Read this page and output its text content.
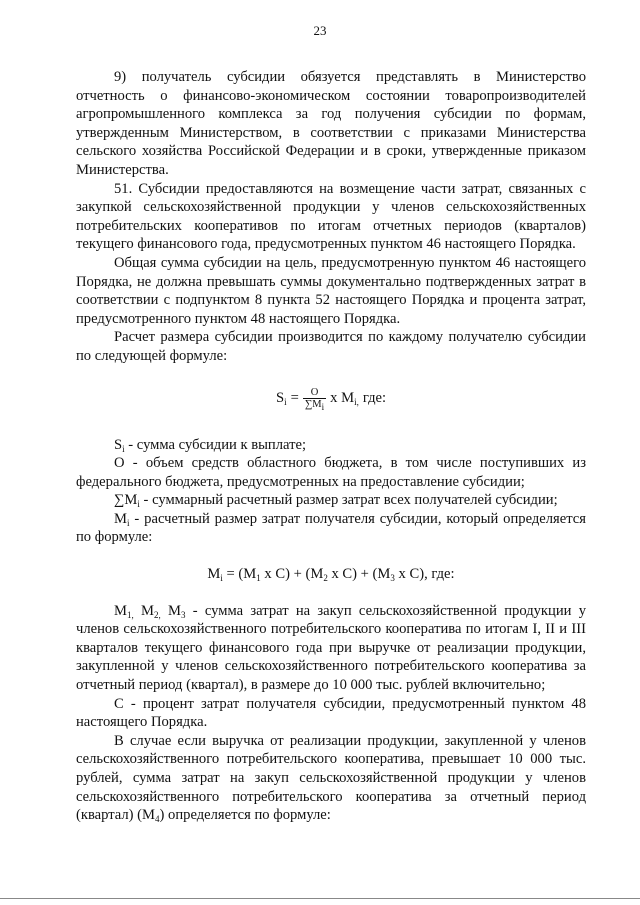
23

9) получатель субсидии обязуется представлять в Министерство отчетность о финансово-экономическом состоянии товаропроизводителей агропромышленного комплекса за год получения субсидии по формам, утвержденным Министерством, в соответствии с приказами Министерства сельского хозяйства Российской Федерации и в сроки, утвержденные приказом Министерства.

51. Субсидии предоставляются на возмещение части затрат, связанных с закупкой сельскохозяйственной продукции у членов сельскохозяйственных потребительских кооперативов по итогам отчетных периодов (кварталов) текущего финансового года, предусмотренных пунктом 46 настоящего Порядка.

Общая сумма субсидии на цель, предусмотренную пунктом 46 настоящего Порядка, не должна превышать суммы документально подтвержденных затрат в соответствии с подпунктом 8 пункта 52 настоящего Порядка и процента затрат, предусмотренного пунктом 48 настоящего Порядка.

Расчет размера субсидии производится по каждому получателю субсидии по следующей формуле:

$S_i = \frac{O}{\sum M_i}$ x $M_{i,}$ где:

$S_i$ - сумма субсидии к выплате;

O - объем средств областного бюджета, в том числе поступивших из федерального бюджета, предусмотренных на предоставление субсидии;

$\sum M_i$ - суммарный расчетный размер затрат всех получателей субсидии;

$M_i$ - расчетный размер затрат получателя субсидии, который определяется по формуле:

$M_i = (M_1$ x $C) + (M_2$ x $C) + (M_3$ x C), где:

$M_{1,}$ $M_{2,}$ $M_3$ - сумма затрат на закуп сельскохозяйственной продукции у членов сельскохозяйственного потребительского кооператива по итогам I, II и III кварталов текущего финансового года при выручке от реализации продукции, закупленной у членов сельскохозяйственного потребительского кооператива за отчетный период (квартал), в размере до 10 000 тыс. рублей включительно;

C - процент затрат получателя субсидии, предусмотренный пунктом 48 настоящего Порядка.

В случае если выручка от реализации продукции, закупленной у членов сельскохозяйственного потребительского кооператива, превышает 10 000 тыс. рублей, сумма затрат на закуп сельскохозяйственной продукции у членов сельскохозяйственного потребительского кооператива за отчетный период (квартал) $(M_4)$ определяется по формуле:
